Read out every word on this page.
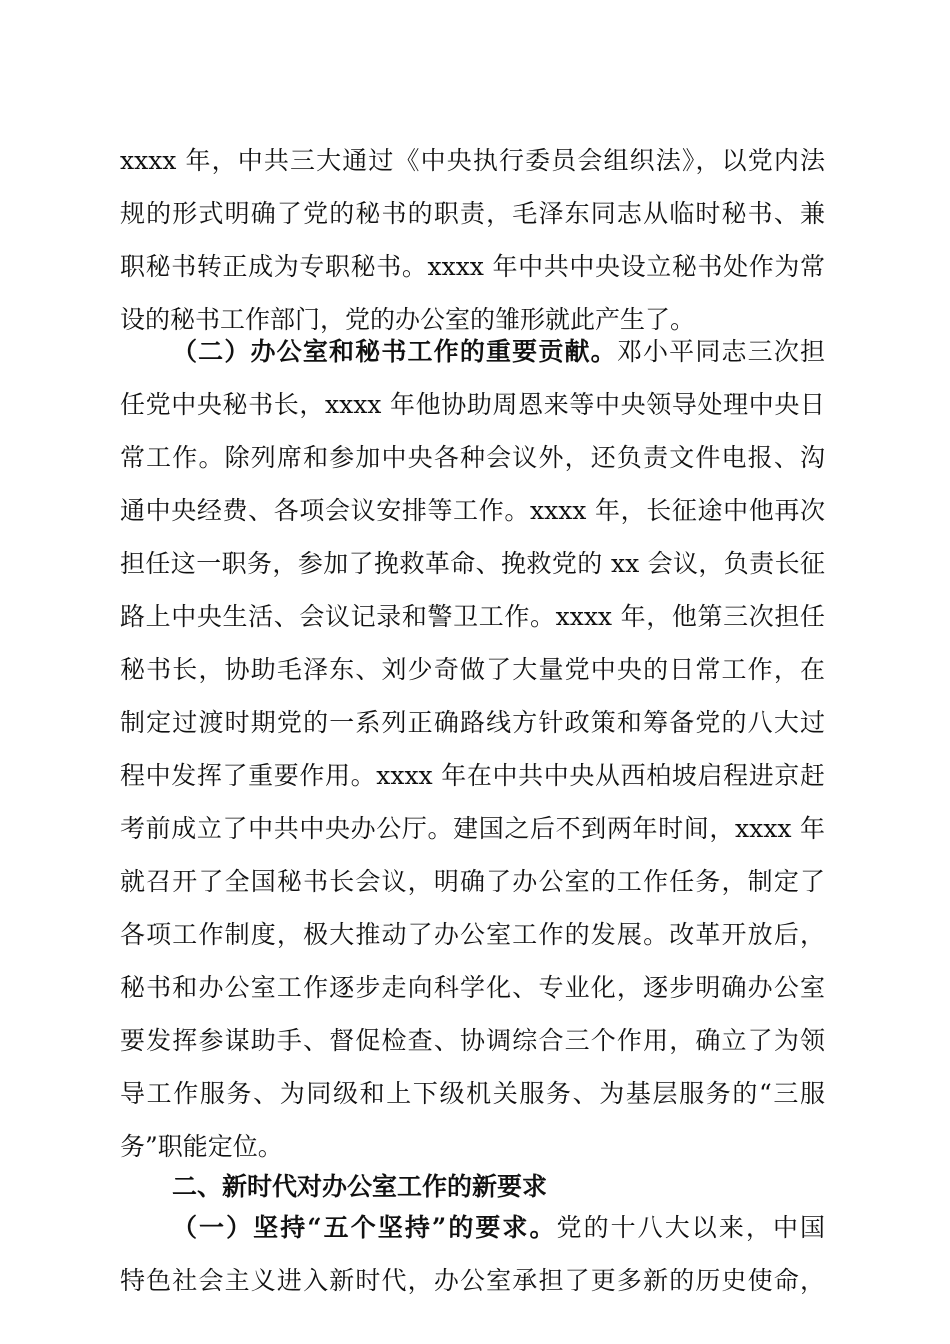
xxxx 年，中共三大通过《中央执行委员会组织法》，以党内法
规的形式明确了党的秘书的职责，毛泽东同志从临时秘书、兼
职秘书转正成为专职秘书。xxxx 年中共中央设立秘书处作为常
设的秘书工作部门，党的办公室的雏形就此产生了。
（二）办公室和秘书工作的重要贡献。邓小平同志三次担
任党中央秘书长，xxxx 年他协助周恩来等中央领导处理中央日
常工作。除列席和参加中央各种会议外，还负责文件电报、沟
通中央经费、各项会议安排等工作。xxxx 年，长征途中他再次
担任这一职务，参加了挽救革命、挽救党的 xx 会议，负责长征
路上中央生活、会议记录和警卫工作。xxxx 年，他第三次担任
秘书长，协助毛泽东、刘少奇做了大量党中央的日常工作，在
制定过渡时期党的一系列正确路线方针政策和筹备党的八大过
程中发挥了重要作用。xxxx 年在中共中央从西柏坡启程进京赶
考前成立了中共中央办公厅。建国之后不到两年时间，xxxx 年
就召开了全国秘书长会议，明确了办公室的工作任务，制定了
各项工作制度，极大推动了办公室工作的发展。改革开放后，
秘书和办公室工作逐步走向科学化、专业化，逐步明确办公室
要发挥参谋助手、督促检查、协调综合三个作用，确立了为领
导工作服务、为同级和上下级机关服务、为基层服务的“三服
务”职能定位。
二、新时代对办公室工作的新要求
（一）坚持“五个坚持”的要求。党的十八大以来，中国
特色社会主义进入新时代，办公室承担了更多新的历史使命，
